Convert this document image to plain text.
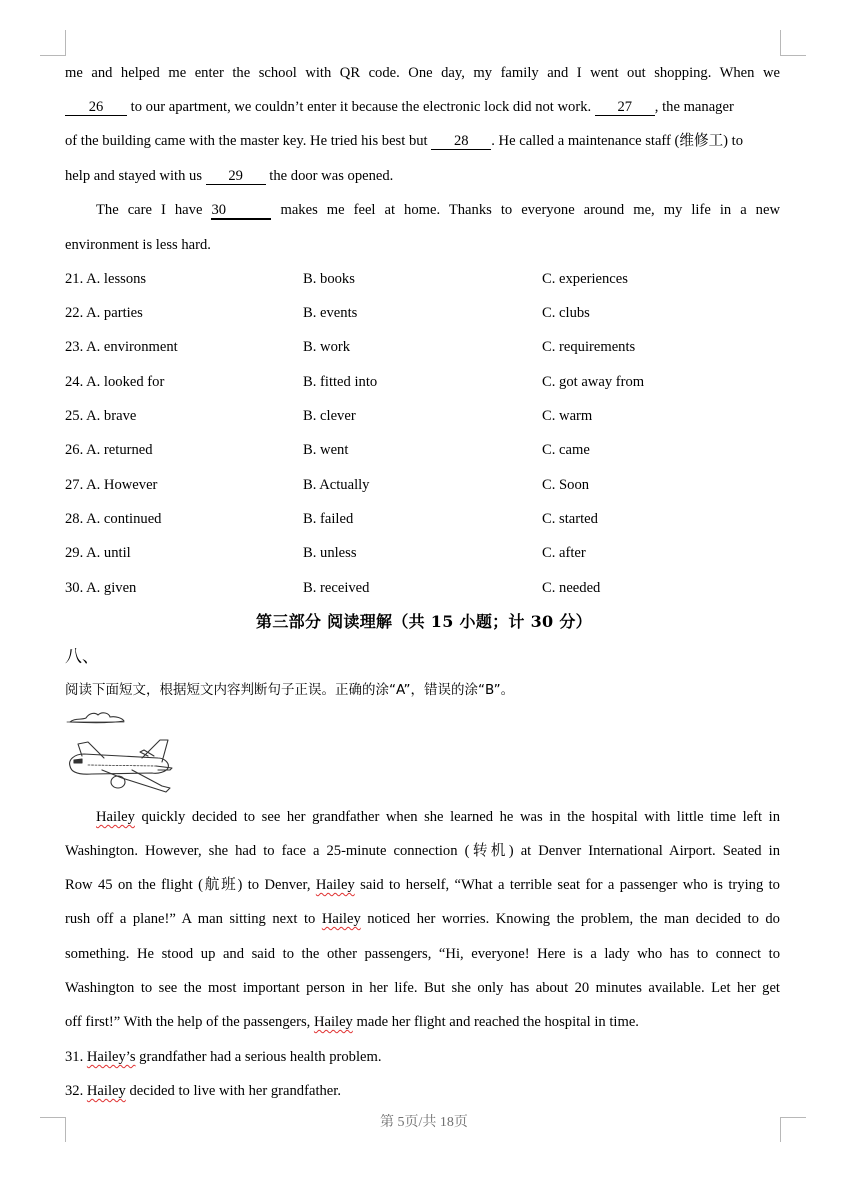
me and helped me enter the school with QR code. One day, my family and I went out shopping. When we
26 to our apartment, we couldn’t enter it because the electronic lock did not work. 27 , the manager
of the building came with the master key. He tried his best but 28 . He called a maintenance staff (维修工) to
help and stayed with us 29 the door was opened.
The care I have 30	makes me feel at home. Thanks to everyone around me, my life in a new
environment is less hard.
21. A. lessons	B. books	C. experiences
22. A. parties	B. events	C. clubs
23. A. environment	B. work	C. requirements
24. A. looked for	B. fitted into	C. got away from
25. A. brave	B. clever	C. warm
26. A. returned	B. went	C. came
27. A. However	B. Actually	C. Soon
28. A. continued	B. failed	C. started
29. A. until	B. unless	C. after
30. A. given	B. received	C. needed
第三部分 阅读理解（共 15 小题；计 30 分）
八、
阅读下面短文，根据短文内容判断句子正误。正确的涂“A”，错误的涂“B”。
Hailey quickly decided to see her grandfather when she learned he was in the hospital with little time left in
Washington. However, she had to face a 25-minute connection (转机) at Denver International Airport. Seated in
Row 45 on the flight (航班) to Denver, Hailey said to herself, “What a terrible seat for a passenger who is trying to
rush off a plane!” A man sitting next to Hailey noticed her worries. Knowing the problem, the man decided to do
something. He stood up and said to the other passengers, “Hi, everyone! Here is a lady who has to connect to
Washington to see the most important person in her life. But she only has about 20 minutes available. Let her get
off first!” With the help of the passengers, Hailey made her flight and reached the hospital in time.
31. Hailey’s grandfather had a serious health problem.
32. Hailey decided to live with her grandfather.
第 5页/共 18页
